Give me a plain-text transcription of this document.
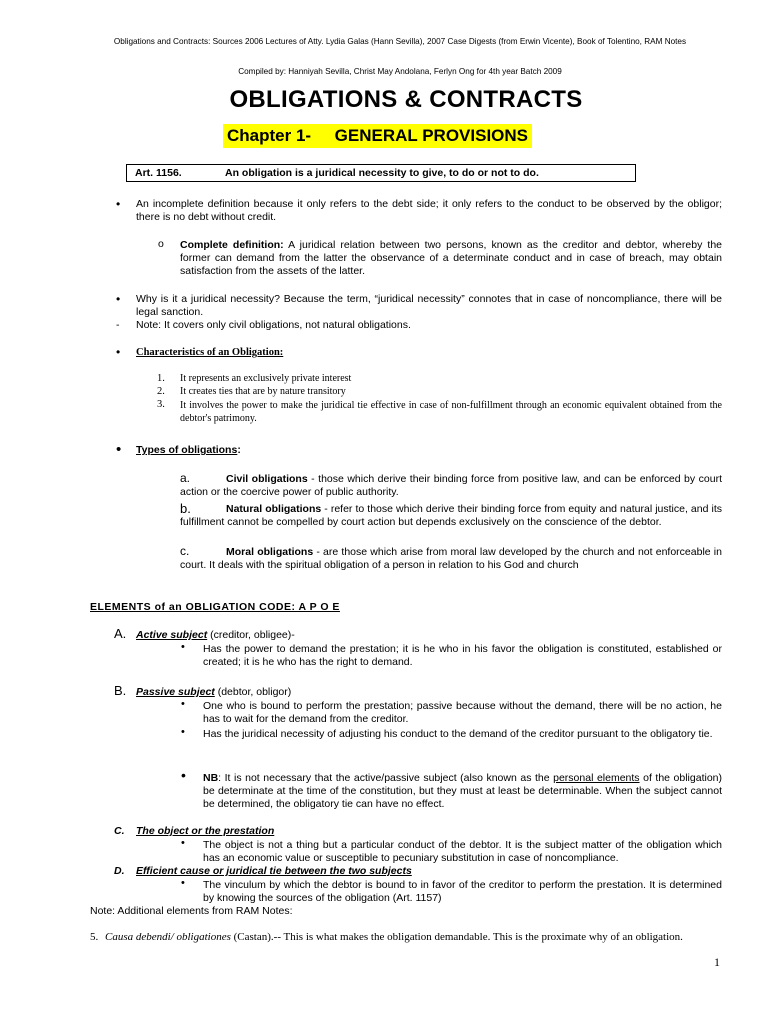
Obligations and Contracts: Sources 2006 Lectures of Atty. Lydia Galas (Hann Sevilla), 2007 Case Digests (from Erwin Vicente), Book of Tolentino, RAM Notes
Compiled by: Hanniyah Sevilla, Christ May Andolana, Ferlyn Ong for 4th year Batch 2009
OBLIGATIONS & CONTRACTS
Chapter 1-     GENERAL PROVISIONS
Art. 1156.	An obligation is a juridical necessity to give, to do or not to do.
• An incomplete definition because it only refers to the debt side; it only refers to the conduct to be observed by the obligor; there is no debt without credit.
o Complete definition: A juridical relation between two persons, known as the creditor and debtor, whereby the former can demand from the latter the observance of a determinate conduct and in case of breach, may obtain satisfaction from the assets of the latter.
• Why is it a juridical necessity? Because the term, “juridical necessity” connotes that in case of noncompliance, there will be legal sanction.
- Note: It covers only civil obligations, not natural obligations.
• Characteristics of an Obligation:
1. It represents an exclusively private interest
2. It creates ties that are by nature transitory
3. It involves the power to make the juridical tie effective in case of non-fulfillment through an economic equivalent obtained from the debtor's patrimony.
• Types of obligations:
a.	Civil obligations - those which derive their binding force from positive law, and can be enforced by court action or the coercive power of public authority.
b.	Natural obligations - refer to those which derive their binding force from equity and natural justice, and its fulfillment cannot be compelled by court action but depends exclusively on the conscience of the debtor.
c.	Moral obligations - are those which arise from moral law developed by the church and not enforceable in court. It deals with the spiritual obligation of a person in relation to his God and church
ELEMENTS of an OBLIGATION CODE: A P O E
A. Active subject (creditor, obligee)-
• Has the power to demand the prestation; it is he who in his favor the obligation is constituted, established or created; it is he who has the right to demand.
B. Passive subject (debtor, obligor)
• One who is bound to perform the prestation; passive because without the demand, there will be no action, he has to wait for the demand from the creditor.
• Has the juridical necessity of adjusting his conduct to the demand of the creditor pursuant to the obligatory tie.
• NB: It is not necessary that the active/passive subject (also known as the personal elements of the obligation) be determinate at the time of the constitution, but they must at least be determinable. When the subject cannot be determined, the obligatory tie can have no effect.
C. The object or the prestation
• The object is not a thing but a particular conduct of the debtor. It is the subject matter of the obligation which has an economic value or susceptible to pecuniary substitution in case of noncompliance.
D. Efficient cause or juridical tie between the two subjects
• The vinculum by which the debtor is bound to in favor of the creditor to perform the prestation. It is determined by knowing the sources of the obligation (Art. 1157)
Note: Additional elements from RAM Notes:
5. Causa debendi/ obligationes (Castan).-- This is what makes the obligation demandable. This is the proximate why of an obligation.
1
